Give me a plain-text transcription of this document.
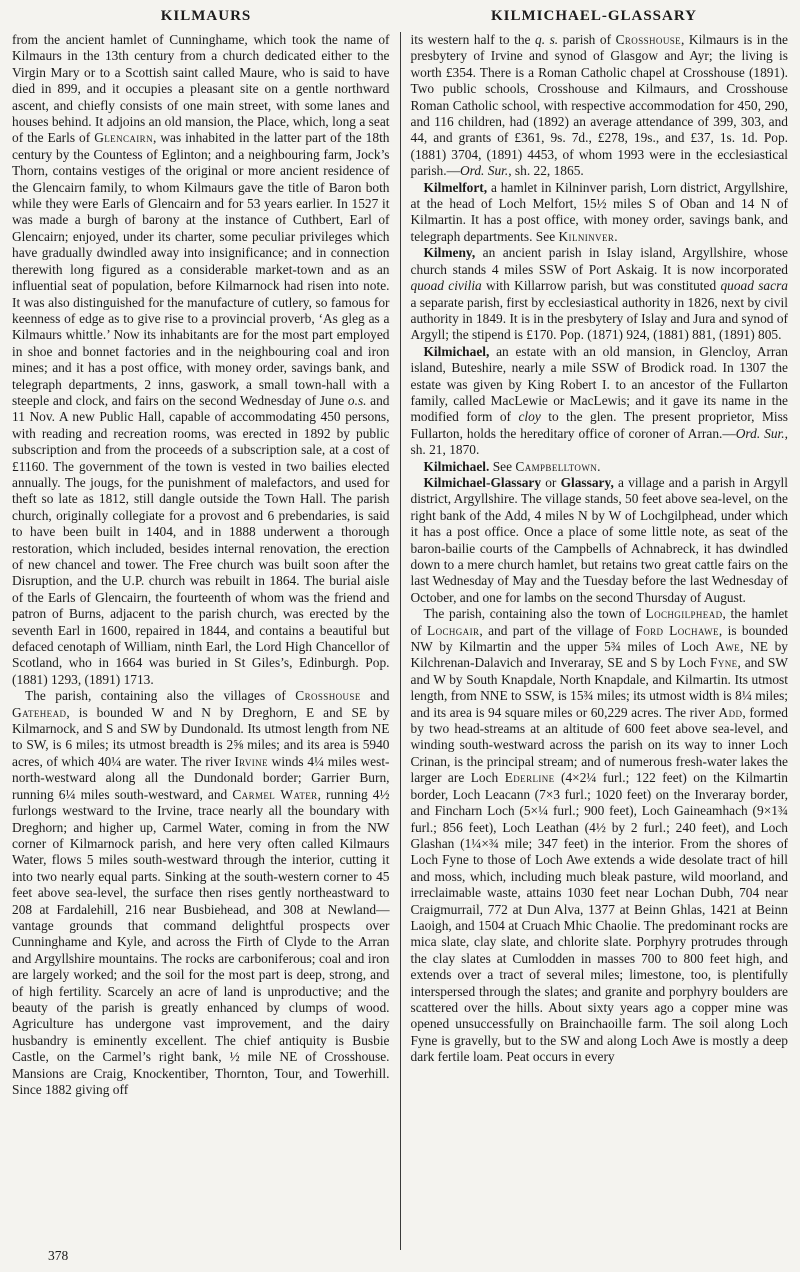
KILMAURS	KILMICHAEL-GLASSARY

from the ancient hamlet of Cunninghame, which took the name of Kilmaurs in the 13th century from a church dedicated either to the Virgin Mary or to a Scottish saint called Maure, who is said to have died in 899, and it occupies a pleasant site on a gentle northward ascent, and chiefly consists of one main street, with some lanes and houses behind. It adjoins an old mansion, the Place, which, long a seat of the Earls of Glencairn, was inhabited in the latter part of the 18th century by the Countess of Eglinton; and a neighbouring farm, Jock’s Thorn, contains vestiges of the original or more ancient residence of the Glencairn family, to whom Kilmaurs gave the title of Baron both while they were Earls of Glencairn and for 53 years earlier. In 1527 it was made a burgh of barony at the instance of Cuthbert, Earl of Glencairn; enjoyed, under its charter, some peculiar privileges which have gradually dwindled away into insignificance; and in connection therewith long figured as a considerable market-town and as an influential seat of population, before Kilmarnock had risen into note. It was also distinguished for the manufacture of cutlery, so famous for keenness of edge as to give rise to a provincial proverb, ‘As gleg as a Kilmaurs whittle.’ Now its inhabitants are for the most part employed in shoe and bonnet factories and in the neighbouring coal and iron mines; and it has a post office, with money order, savings bank, and telegraph departments, 2 inns, gaswork, a small town-hall with a steeple and clock, and fairs on the second Wednesday of June o.s. and 11 Nov. A new Public Hall, capable of accommodating 450 persons, with reading and recreation rooms, was erected in 1892 by public subscription and from the proceeds of a subscription sale, at a cost of £1160. The government of the town is vested in two bailies elected annually. The jougs, for the punishment of malefactors, and used for theft so late as 1812, still dangle outside the Town Hall. The parish church, originally collegiate for a provost and 6 prebendaries, is said to have been built in 1404, and in 1888 underwent a thorough restoration, which included, besides internal renovation, the erection of new chancel and tower. The Free church was built soon after the Disruption, and the U.P. church was rebuilt in 1864. The burial aisle of the Earls of Glencairn, the fourteenth of whom was the friend and patron of Burns, adjacent to the parish church, was erected by the seventh Earl in 1600, repaired in 1844, and contains a beautiful but defaced cenotaph of William, ninth Earl, the Lord High Chancellor of Scotland, who in 1664 was buried in St Giles’s, Edinburgh. Pop. (1881) 1293, (1891) 1713.

The parish, containing also the villages of Crosshouse and Gatehead, is bounded W and N by Dreghorn, E and SE by Kilmarnock, and S and SW by Dundonald. Its utmost length from NE to SW, is 6 miles; its utmost breadth is 2⅝ miles; and its area is 5940 acres, of which 40¼ are water. The river Irvine winds 4¼ miles west-north-westward along all the Dundonald border; Garrier Burn, running 6¼ miles south-westward, and Carmel Water, running 4½ furlongs westward to the Irvine, trace nearly all the boundary with Dreghorn; and higher up, Carmel Water, coming in from the NW corner of Kilmarnock parish, and here very often called Kilmaurs Water, flows 5 miles south-westward through the interior, cutting it into two nearly equal parts. Sinking at the south-western corner to 45 feet above sea-level, the surface then rises gently northeastward to 208 at Fardalehill, 216 near Busbiehead, and 308 at Newland—vantage grounds that command delightful prospects over Cunninghame and Kyle, and across the Firth of Clyde to the Arran and Argyllshire mountains. The rocks are carboniferous; coal and iron are largely worked; and the soil for the most part is deep, strong, and of high fertility. Scarcely an acre of land is unproductive; and the beauty of the parish is greatly enhanced by clumps of wood. Agriculture has undergone vast improvement, and the dairy husbandry is eminently excellent. The chief antiquity is Busbie Castle, on the Carmel’s right bank, ½ mile NE of Crosshouse. Mansions are Craig, Knockentiber, Thornton, Tour, and Towerhill. Since 1882 giving off

its western half to the q. s. parish of Crosshouse, Kilmaurs is in the presbytery of Irvine and synod of Glasgow and Ayr; the living is worth £354. There is a Roman Catholic chapel at Crosshouse (1891). Two public schools, Crosshouse and Kilmaurs, and Crosshouse Roman Catholic school, with respective accommodation for 450, 290, and 116 children, had (1892) an average attendance of 399, 303, and 44, and grants of £361, 9s. 7d., £278, 19s., and £37, 1s. 1d. Pop. (1881) 3704, (1891) 4453, of whom 1993 were in the ecclesiastical parish.—Ord. Sur., sh. 22, 1865.

Kilmelfort, a hamlet in Kilninver parish, Lorn district, Argyllshire, at the head of Loch Melfort, 15½ miles S of Oban and 14 N of Kilmartin. It has a post office, with money order, savings bank, and telegraph departments. See Kilninver.

Kilmeny, an ancient parish in Islay island, Argyllshire, whose church stands 4 miles SSW of Port Askaig. It is now incorporated quoad civilia with Killarrow parish, but was constituted quoad sacra a separate parish, first by ecclesiastical authority in 1826, next by civil authority in 1849. It is in the presbytery of Islay and Jura and synod of Argyll; the stipend is £170. Pop. (1871) 924, (1881) 881, (1891) 805.

Kilmichael, an estate with an old mansion, in Glencloy, Arran island, Buteshire, nearly a mile SSW of Brodick road. In 1307 the estate was given by King Robert I. to an ancestor of the Fullarton family, called MacLewie or MacLewis; and it gave its name in the modified form of cloy to the glen. The present proprietor, Miss Fullarton, holds the hereditary office of coroner of Arran.—Ord. Sur., sh. 21, 1870.

Kilmichael. See Campbelltown.

Kilmichael-Glassary or Glassary, a village and a parish in Argyll district, Argyllshire. The village stands, 50 feet above sea-level, on the right bank of the Add, 4 miles N by W of Lochgilphead, under which it has a post office. Once a place of some little note, as seat of the baron-bailie courts of the Campbells of Achnabreck, it has dwindled down to a mere church hamlet, but retains two great cattle fairs on the last Wednesday of May and the Tuesday before the last Wednesday of October, and one for lambs on the second Thursday of August.

The parish, containing also the town of Lochgilphead, the hamlet of Lochgair, and part of the village of Ford Lochawe, is bounded NW by Kilmartin and the upper 5¾ miles of Loch Awe, NE by Kilchrenan-Dalavich and Inveraray, SE and S by Loch Fyne, and SW and W by South Knapdale, North Knapdale, and Kilmartin. Its utmost length, from NNE to SSW, is 15¾ miles; its utmost width is 8¼ miles; and its area is 94 square miles or 60,229 acres. The river Add, formed by two head-streams at an altitude of 600 feet above sea-level, and winding south-westward across the parish on its way to inner Loch Crinan, is the principal stream; and of numerous fresh-water lakes the larger are Loch Ederline (4×2¼ furl.; 122 feet) on the Kilmartin border, Loch Leacann (7×3 furl.; 1020 feet) on the Inveraray border, and Fincharn Loch (5×¼ furl.; 900 feet), Loch Gaineamhach (9×1¾ furl.; 856 feet), Loch Leathan (4½ by 2 furl.; 240 feet), and Loch Glashan (1¼×¾ mile; 347 feet) in the interior. From the shores of Loch Fyne to those of Loch Awe extends a wide desolate tract of hill and moss, which, including much bleak pasture, wild moorland, and irreclaimable waste, attains 1030 feet near Lochan Dubh, 704 near Craigmurrail, 772 at Dun Alva, 1377 at Beinn Ghlas, 1421 at Beinn Laoigh, and 1504 at Cruach Mhic Chaolie. The predominant rocks are mica slate, clay slate, and chlorite slate. Porphyry protrudes through the clay slates at Cumlodden in masses 700 to 800 feet high, and extends over a tract of several miles; limestone, too, is plentifully interspersed through the slates; and granite and porphyry boulders are scattered over the hills. About sixty years ago a copper mine was opened unsuccessfully on Brainchaoille farm. The soil along Loch Fyne is gravelly, but to the SW and along Loch Awe is mostly a deep dark fertile loam. Peat occurs in every

378
